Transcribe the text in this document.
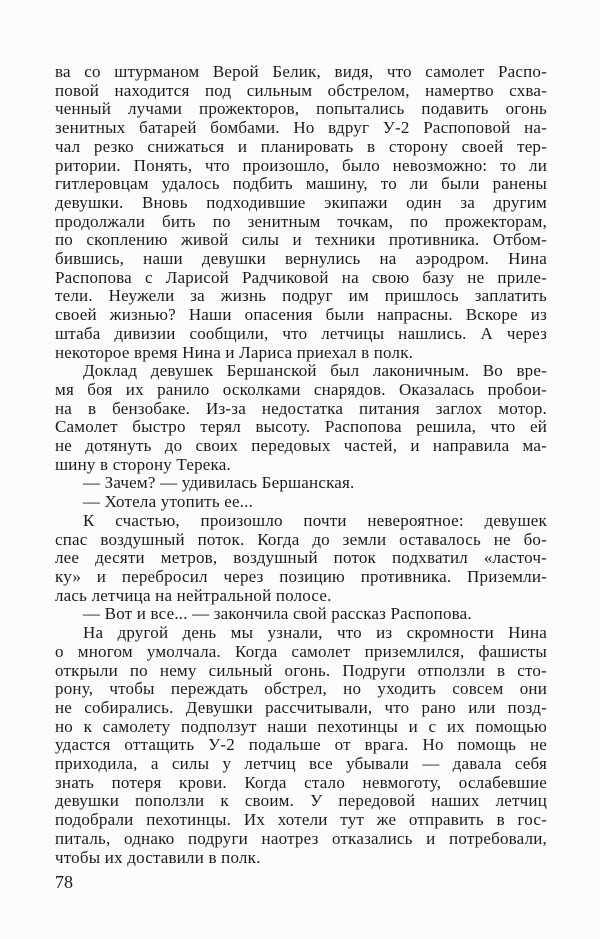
ва со штурманом Верой Белик, видя, что самолет Распо-
повой находится под сильным обстрелом, намертво схва-
ченный лучами прожекторов, попытались подавить огонь
зенитных батарей бомбами. Но вдруг У-2 Распоповой на-
чал резко снижаться и планировать в сторону своей тер-
ритории. Понять, что произошло, было невозможно: то ли
гитлеровцам удалось подбить машину, то ли были ранены
девушки. Вновь подходившие экипажи один за другим
продолжали бить по зенитным точкам, по прожекторам,
по скоплению живой силы и техники противника. Отбом-
бившись, наши девушки вернулись на аэродром. Нина
Распопова с Ларисой Радчиковой на свою базу не приле-
тели. Неужели за жизнь подруг им пришлось заплатить
своей жизнью? Наши опасения были напрасны. Вскоре из
штаба дивизии сообщили, что летчицы нашлись. А через
некоторое время Нина и Лариса приехал в полк.
Доклад девушек Бершанской был лаконичным. Во вре-
мя боя их ранило осколками снарядов. Оказалась пробои-
на в бензобаке. Из-за недостатка питания заглох мотор.
Самолет быстро терял высоту. Распопова решила, что ей
не дотянуть до своих передовых частей, и направила ма-
шину в сторону Терека.
— Зачем? — удивилась Бершанская.
— Хотела утопить ее...
К счастью, произошло почти невероятное: девушек
спас воздушный поток. Когда до земли оставалось не бо-
лее десяти метров, воздушный поток подхватил «ласточ-
ку» и перебросил через позицию противника. Приземли-
лась летчица на нейтральной полосе.
— Вот и все... — закончила свой рассказ Распопова.
На другой день мы узнали, что из скромности Нина
о многом умолчала. Когда самолет приземлился, фашисты
открыли по нему сильный огонь. Подруги отползли в сто-
рону, чтобы переждать обстрел, но уходить совсем они
не собирались. Девушки рассчитывали, что рано или позд-
но к самолету подползут наши пехотинцы и с их помощью
удастся оттащить У-2 подальше от врага. Но помощь не
приходила, а силы у летчиц все убывали — давала себя
знать потеря крови. Когда стало невмоготу, ослабевшие
девушки поползли к своим. У передовой наших летчиц
подобрали пехотинцы. Их хотели тут же отправить в гос-
питаль, однако подруги наотрез отказались и потребовали,
чтобы их доставили в полк.
78
